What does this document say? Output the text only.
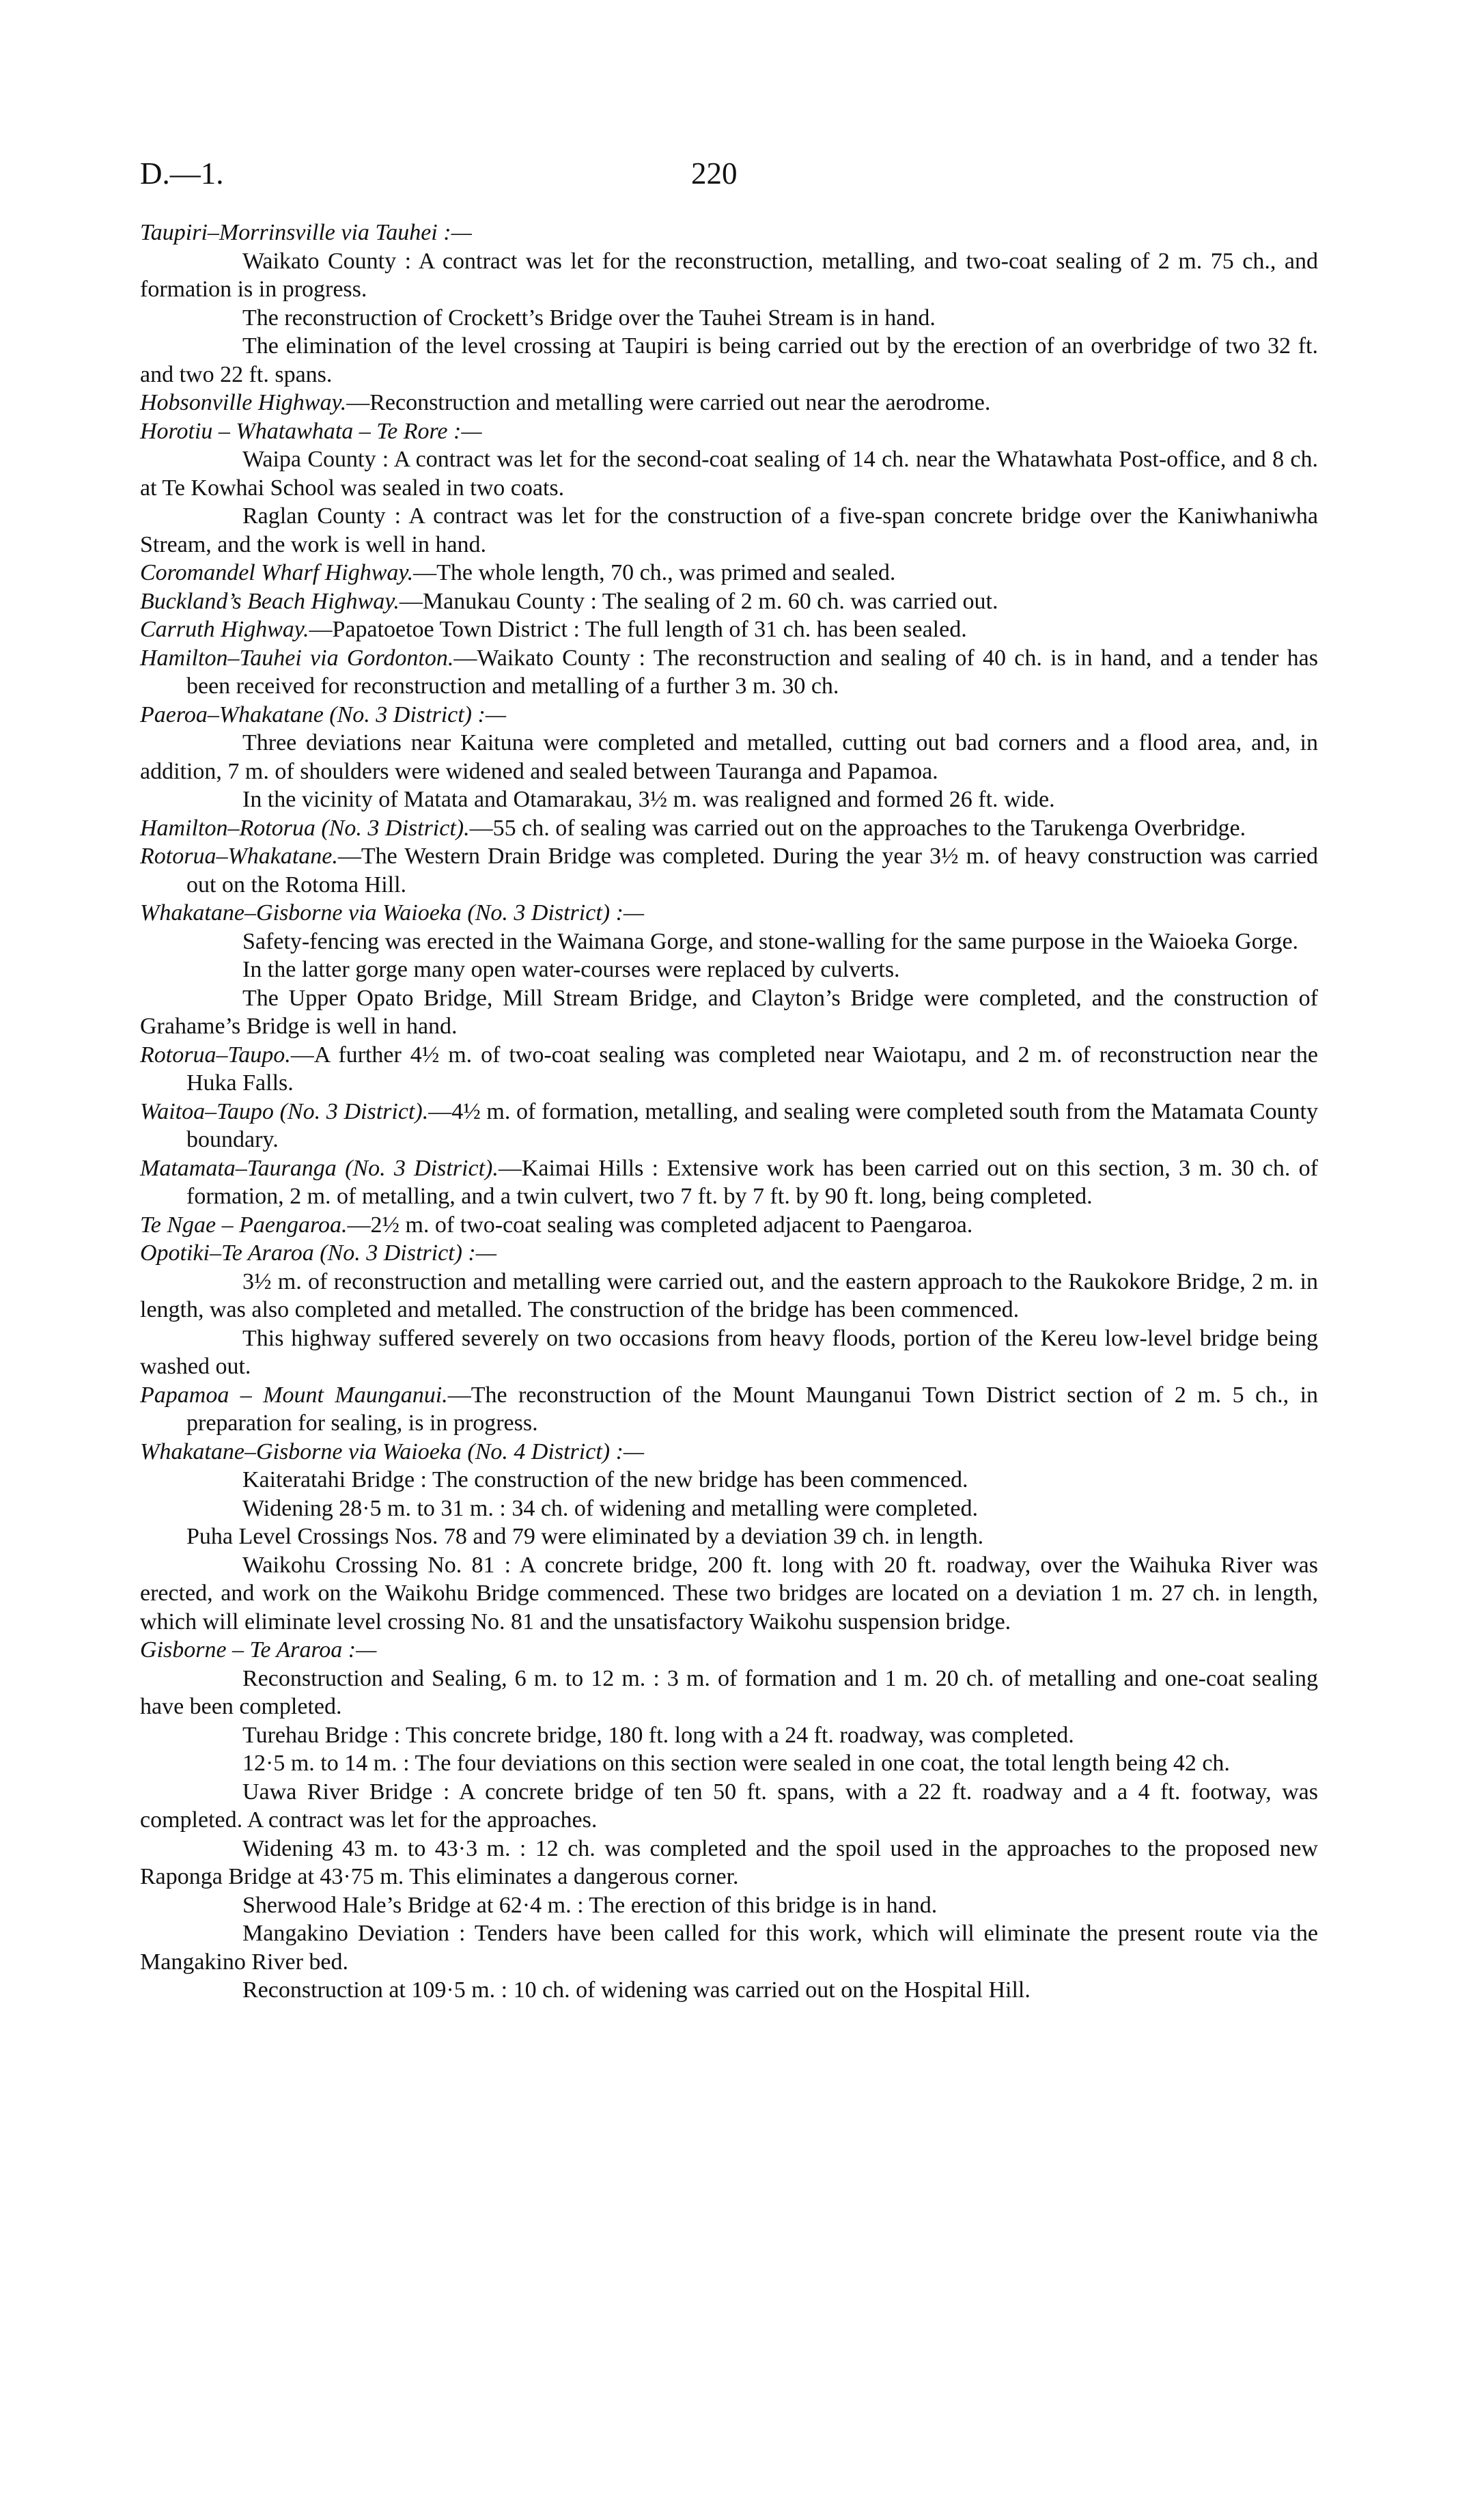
D.—1.	220

Taupiri–Morrinsville via Tauhei :—

Waikato County : A contract was let for the reconstruction, metalling, and two-coat sealing of 2 m. 75 ch., and formation is in progress.

The reconstruction of Crockett’s Bridge over the Tauhei Stream is in hand.

The elimination of the level crossing at Taupiri is being carried out by the erection of an overbridge of two 32 ft. and two 22 ft. spans.

Hobsonville Highway.—Reconstruction and metalling were carried out near the aerodrome.

Horotiu – Whatawhata – Te Rore :—

Waipa County : A contract was let for the second-coat sealing of 14 ch. near the Whatawhata Post-office, and 8 ch. at Te Kowhai School was sealed in two coats.

Raglan County : A contract was let for the construction of a five-span concrete bridge over the Kaniwhaniwha Stream, and the work is well in hand.

Coromandel Wharf Highway.—The whole length, 70 ch., was primed and sealed.

Buckland’s Beach Highway.—Manukau County : The sealing of 2 m. 60 ch. was carried out.

Carruth Highway.—Papatoetoe Town District : The full length of 31 ch. has been sealed.

Hamilton–Tauhei via Gordonton.—Waikato County : The reconstruction and sealing of 40 ch. is in hand, and a tender has been received for reconstruction and metalling of a further 3 m. 30 ch.

Paeroa–Whakatane (No. 3 District) :—

Three deviations near Kaituna were completed and metalled, cutting out bad corners and a flood area, and, in addition, 7 m. of shoulders were widened and sealed between Tauranga and Papamoa.

In the vicinity of Matata and Otamarakau, 3½ m. was realigned and formed 26 ft. wide.

Hamilton–Rotorua (No. 3 District).—55 ch. of sealing was carried out on the approaches to the Tarukenga Overbridge.

Rotorua–Whakatane.—The Western Drain Bridge was completed. During the year 3½ m. of heavy construction was carried out on the Rotoma Hill.

Whakatane–Gisborne via Waioeka (No. 3 District) :—

Safety-fencing was erected in the Waimana Gorge, and stone-walling for the same purpose in the Waioeka Gorge.

In the latter gorge many open water-courses were replaced by culverts.

The Upper Opato Bridge, Mill Stream Bridge, and Clayton’s Bridge were completed, and the construction of Grahame’s Bridge is well in hand.

Rotorua–Taupo.—A further 4½ m. of two-coat sealing was completed near Waiotapu, and 2 m. of reconstruction near the Huka Falls.

Waitoa–Taupo (No. 3 District).—4½ m. of formation, metalling, and sealing were completed south from the Matamata County boundary.

Matamata–Tauranga (No. 3 District).—Kaimai Hills : Extensive work has been carried out on this section, 3 m. 30 ch. of formation, 2 m. of metalling, and a twin culvert, two 7 ft. by 7 ft. by 90 ft. long, being completed.

Te Ngae – Paengaroa.—2½ m. of two-coat sealing was completed adjacent to Paengaroa.

Opotiki–Te Araroa (No. 3 District) :—

3½ m. of reconstruction and metalling were carried out, and the eastern approach to the Raukokore Bridge, 2 m. in length, was also completed and metalled. The construction of the bridge has been commenced.

This highway suffered severely on two occasions from heavy floods, portion of the Kereu low-level bridge being washed out.

Papamoa – Mount Maunganui.—The reconstruction of the Mount Maunganui Town District section of 2 m. 5 ch., in preparation for sealing, is in progress.

Whakatane–Gisborne via Waioeka (No. 4 District) :—

Kaiteratahi Bridge : The construction of the new bridge has been commenced.

Widening 28·5 m. to 31 m. : 34 ch. of widening and metalling were completed.

Puha Level Crossings Nos. 78 and 79 were eliminated by a deviation 39 ch. in length.

Waikohu Crossing No. 81 : A concrete bridge, 200 ft. long with 20 ft. roadway, over the Waihuka River was erected, and work on the Waikohu Bridge commenced. These two bridges are located on a deviation 1 m. 27 ch. in length, which will eliminate level crossing No. 81 and the unsatisfactory Waikohu suspension bridge.

Gisborne – Te Araroa :—

Reconstruction and Sealing, 6 m. to 12 m. : 3 m. of formation and 1 m. 20 ch. of metalling and one-coat sealing have been completed.

Turehau Bridge : This concrete bridge, 180 ft. long with a 24 ft. roadway, was completed.

12·5 m. to 14 m. : The four deviations on this section were sealed in one coat, the total length being 42 ch.

Uawa River Bridge : A concrete bridge of ten 50 ft. spans, with a 22 ft. roadway and a 4 ft. footway, was completed. A contract was let for the approaches.

Widening 43 m. to 43·3 m. : 12 ch. was completed and the spoil used in the approaches to the proposed new Raponga Bridge at 43·75 m. This eliminates a dangerous corner.

Sherwood Hale’s Bridge at 62·4 m. : The erection of this bridge is in hand.

Mangakino Deviation : Tenders have been called for this work, which will eliminate the present route via the Mangakino River bed.

Reconstruction at 109·5 m. : 10 ch. of widening was carried out on the Hospital Hill.
